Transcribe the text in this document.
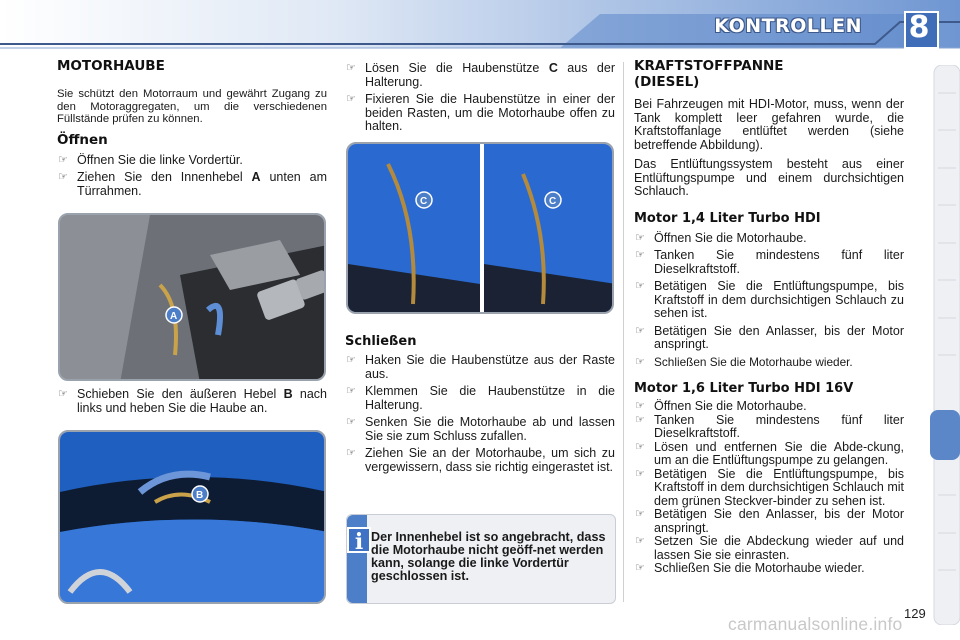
KONTROLLEN 8
MOTORHAUBE

Sie schützt den Motorraum und gewährt Zugang zu den Motoraggregaten, um die verschiedenen Füllstände prüfen zu können.

Öffnen
☞ Öffnen Sie die linke Vordertür.
☞ Ziehen Sie den Innenhebel A unten am Türrahmen.
A
☞ Schieben Sie den äußeren Hebel B nach links und heben Sie die Haube an.
B
☞ Lösen Sie die Haubenstütze C aus der Halterung.
☞ Fixieren Sie die Haubenstütze in einer der beiden Rasten, um die Motorhaube offen zu halten.
C	C
Schließen
☞ Haken Sie die Haubenstütze aus der Raste aus.
☞ Klemmen Sie die Haubenstütze in die Halterung.
☞ Senken Sie die Motorhaube ab und lassen Sie sie zum Schluss zufallen.
☞ Ziehen Sie an der Motorhaube, um sich zu vergewissern, dass sie richtig eingerastet ist.
i Der Innenhebel ist so angebracht, dass die Motorhaube nicht geöff-net werden kann, solange die linke Vordertür geschlossen ist.
KRAFTSTOFFPANNE (DIESEL)

Bei Fahrzeugen mit HDI-Motor, muss, wenn der Tank komplett leer gefahren wurde, die Kraftstoffanlage entlüftet werden (siehe betreffende Abbildung).

Das Entlüftungssystem besteht aus einer Entlüftungspumpe und einem durchsichtigen Schlauch.

Motor 1,4 Liter Turbo HDI
☞ Öffnen Sie die Motorhaube.
☞ Tanken Sie mindestens fünf liter Dieselkraftstoff.
☞ Betätigen Sie die Entlüftungspumpe, bis Kraftstoff in dem durchsichtigen Schlauch zu sehen ist.
☞ Betätigen Sie den Anlasser, bis der Motor anspringt.
☞ Schließen Sie die Motorhaube wieder.
Motor 1,6 Liter Turbo HDI 16V
☞ Öffnen Sie die Motorhaube.
☞ Tanken Sie mindestens fünf liter Dieselkraftstoff.
☞ Lösen und entfernen Sie die Abde-ckung, um an die Entlüftungspumpe zu gelangen.
☞ Betätigen Sie die Entlüftungspumpe, bis Kraftstoff in dem durchsichtigen Schlauch mit dem grünen Steckver-binder zu sehen ist.
☞ Betätigen Sie den Anlasser, bis der Motor anspringt.
☞ Setzen Sie die Abdeckung wieder auf und lassen Sie sie einrasten.
☞ Schließen Sie die Motorhaube wieder.
129
carmanualsonline.info
